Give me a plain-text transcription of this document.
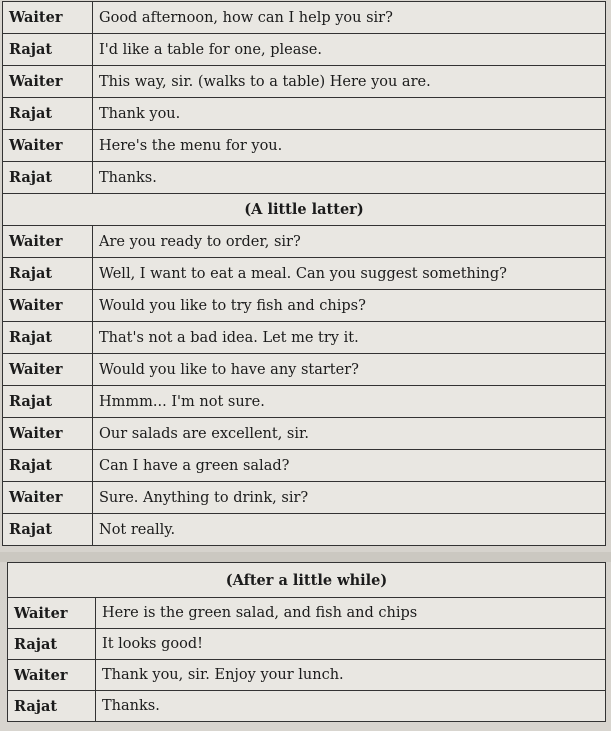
Waiter	Good afternoon, how can I help you sir?
Rajat	I'd like a table for one, please.
Waiter	This way, sir. (walks to a table) Here you are.
Rajat	Thank you.
Waiter	Here's the menu for you.
Rajat	Thanks.
(A little latter)	
Waiter	Are you ready to order, sir?
Rajat	Well, I want to eat a meal. Can you suggest something?
Waiter	Would you like to try fish and chips?
Rajat	That's not a bad idea. Let me try it.
Waiter	Would you like to have any starter?
Rajat	Hmmm... I'm not sure.
Waiter	Our salads are excellent, sir.
Rajat	Can I have a green salad?
Waiter	Sure. Anything to drink, sir?
Rajat	Not really.
(After a little while)	
Waiter	Here is the green salad, and fish and chips
Rajat	It looks good!
Waiter	Thank you, sir. Enjoy your lunch.
Rajat	Thanks.
